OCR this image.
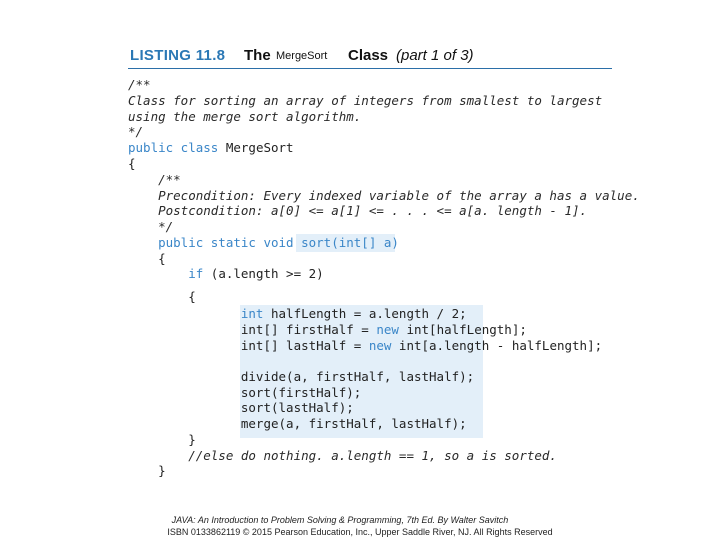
LISTING 11.8 The MergeSort Class (part 1 of 3)
/**
Class for sorting an array of integers from smallest to largest
using the merge sort algorithm.
*/
public class MergeSort
{
/**
Precondition: Every indexed variable of the array a has a value.
Postcondition: a[0] <= a[1] <= . . . <= a[a. length - 1].
*/
public static void sort(int[] a)
{
if (a.length >= 2)
{
int halfLength = a.length / 2;
int[] firstHalf = new int[halfLength];
int[] lastHalf = new int[a.length - halfLength];

divide(a, firstHalf, lastHalf);
sort(firstHalf);
sort(lastHalf);
merge(a, firstHalf, lastHalf);
}
//else do nothing. a.length == 1, so a is sorted.
}
JAVA: An Introduction to Problem Solving & Programming, 7th Ed. By Walter Savitch
ISBN 0133862119 © 2015 Pearson Education, Inc., Upper Saddle River, NJ. All Rights Reserved
